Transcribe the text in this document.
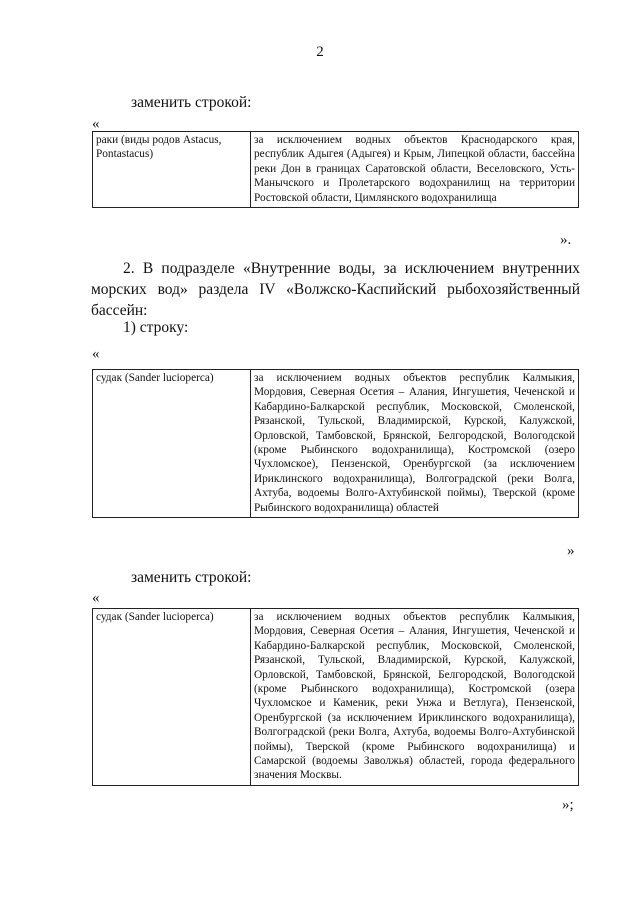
2
заменить строкой:
«
раки (виды родов Astacus, Pontastacus)	за исключением водных объектов Краснодарского края, республик Адыгея (Адыгея) и Крым, Липецкой области, бассейна реки Дон в границах Саратовской области, Веселовского, Усть-Манычского и Пролетарского водохранилищ на территории Ростовской области, Цимлянского водохранилища
».
2. В подразделе «Внутренние воды, за исключением внутренних морских вод» раздела IV «Волжско-Каспийский рыбохозяйственный бассейн:
1) строку:
«
судак (Sander lucioperca)	за исключением водных объектов республик Калмыкия, Мордовия, Северная Осетия – Алания, Ингушетия, Чеченской и Кабардино-Балкарской республик, Московской, Смоленской, Рязанской, Тульской, Владимирской, Курской, Калужской, Орловской, Тамбовской, Брянской, Белгородской, Вологодской (кроме Рыбинского водохранилища), Костромской (озеро Чухломское), Пензенской, Оренбургской (за исключением Ириклинского водохранилища), Волгоградской (реки Волга, Ахтуба, водоемы Волго-Ахтубинской поймы), Тверской (кроме Рыбинского водохранилища) областей
»
заменить строкой:
«
судак (Sander lucioperca)	за исключением водных объектов республик Калмыкия, Мордовия, Северная Осетия – Алания, Ингушетия, Чеченской и Кабардино-Балкарской республик, Московской, Смоленской, Рязанской, Тульской, Владимирской, Курской, Калужской, Орловской, Тамбовской, Брянской, Белгородской, Вологодской (кроме Рыбинского водохранилища), Костромской (озера Чухломское и Каменик, реки Унжа и Ветлуга), Пензенской, Оренбургской (за исключением Ириклинского водохранилища), Волгоградской (реки Волга, Ахтуба, водоемы Волго-Ахтубинской поймы), Тверской (кроме Рыбинского водохранилища) и Самарской (водоемы Заволжья) областей, города федерального значения Москвы.
»;
